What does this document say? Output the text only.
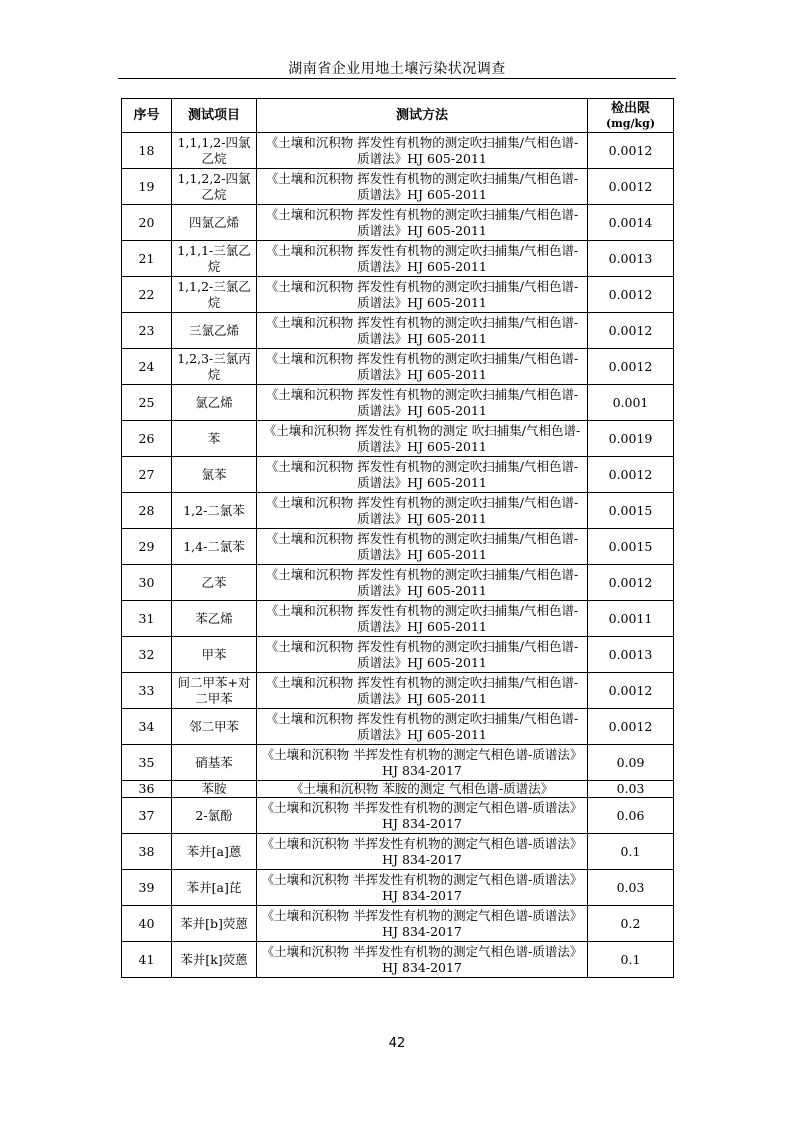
湖南省企业用地土壤污染状况调查
序号	测试项目	测试方法	检出限
(mg/kg)

18	1,1,1,2-四氯乙烷	《土壤和沉积物 挥发性有机物的测定吹扫捕集/气相色谱-质谱法》HJ 605-2011	0.0012
19	1,1,2,2-四氯乙烷	《土壤和沉积物 挥发性有机物的测定吹扫捕集/气相色谱-质谱法》HJ 605-2011	0.0012
20	四氯乙烯	《土壤和沉积物 挥发性有机物的测定吹扫捕集/气相色谱-质谱法》HJ 605-2011	0.0014
21	1,1,1-三氯乙烷	《土壤和沉积物 挥发性有机物的测定吹扫捕集/气相色谱-质谱法》HJ 605-2011	0.0013
22	1,1,2-三氯乙烷	《土壤和沉积物 挥发性有机物的测定吹扫捕集/气相色谱-质谱法》HJ 605-2011	0.0012
23	三氯乙烯	《土壤和沉积物 挥发性有机物的测定吹扫捕集/气相色谱-质谱法》HJ 605-2011	0.0012
24	1,2,3-三氯丙烷	《土壤和沉积物 挥发性有机物的测定吹扫捕集/气相色谱-质谱法》HJ 605-2011	0.0012
25	氯乙烯	《土壤和沉积物 挥发性有机物的测定吹扫捕集/气相色谱-质谱法》HJ 605-2011	0.001
26	苯	《土壤和沉积物 挥发性有机物的测定 吹扫捕集/气相色谱-质谱法》HJ 605-2011	0.0019
27	氯苯	《土壤和沉积物 挥发性有机物的测定吹扫捕集/气相色谱-质谱法》HJ 605-2011	0.0012
28	1,2-二氯苯	《土壤和沉积物 挥发性有机物的测定吹扫捕集/气相色谱-质谱法》HJ 605-2011	0.0015
29	1,4-二氯苯	《土壤和沉积物 挥发性有机物的测定吹扫捕集/气相色谱-质谱法》HJ 605-2011	0.0015
30	乙苯	《土壤和沉积物 挥发性有机物的测定吹扫捕集/气相色谱-质谱法》HJ 605-2011	0.0012
31	苯乙烯	《土壤和沉积物 挥发性有机物的测定吹扫捕集/气相色谱-质谱法》HJ 605-2011	0.0011
32	甲苯	《土壤和沉积物 挥发性有机物的测定吹扫捕集/气相色谱-质谱法》HJ 605-2011	0.0013
33	间二甲苯+对二甲苯	《土壤和沉积物 挥发性有机物的测定吹扫捕集/气相色谱-质谱法》HJ 605-2011	0.0012
34	邻二甲苯	《土壤和沉积物 挥发性有机物的测定吹扫捕集/气相色谱-质谱法》HJ 605-2011	0.0012
35	硝基苯	《土壤和沉积物 半挥发性有机物的测定气相色谱-质谱法》HJ 834-2017	0.09
36	苯胺	《土壤和沉积物 苯胺的测定 气相色谱-质谱法》	0.03
37	2-氯酚	《土壤和沉积物 半挥发性有机物的测定气相色谱-质谱法》HJ 834-2017	0.06
38	苯并[a]蒽	《土壤和沉积物 半挥发性有机物的测定气相色谱-质谱法》HJ 834-2017	0.1
39	苯并[a]芘	《土壤和沉积物 半挥发性有机物的测定气相色谱-质谱法》HJ 834-2017	0.03
40	苯并[b]荧蒽	《土壤和沉积物 半挥发性有机物的测定气相色谱-质谱法》HJ 834-2017	0.2
41	苯并[k]荧蒽	《土壤和沉积物 半挥发性有机物的测定气相色谱-质谱法》HJ 834-2017	0.1
42
